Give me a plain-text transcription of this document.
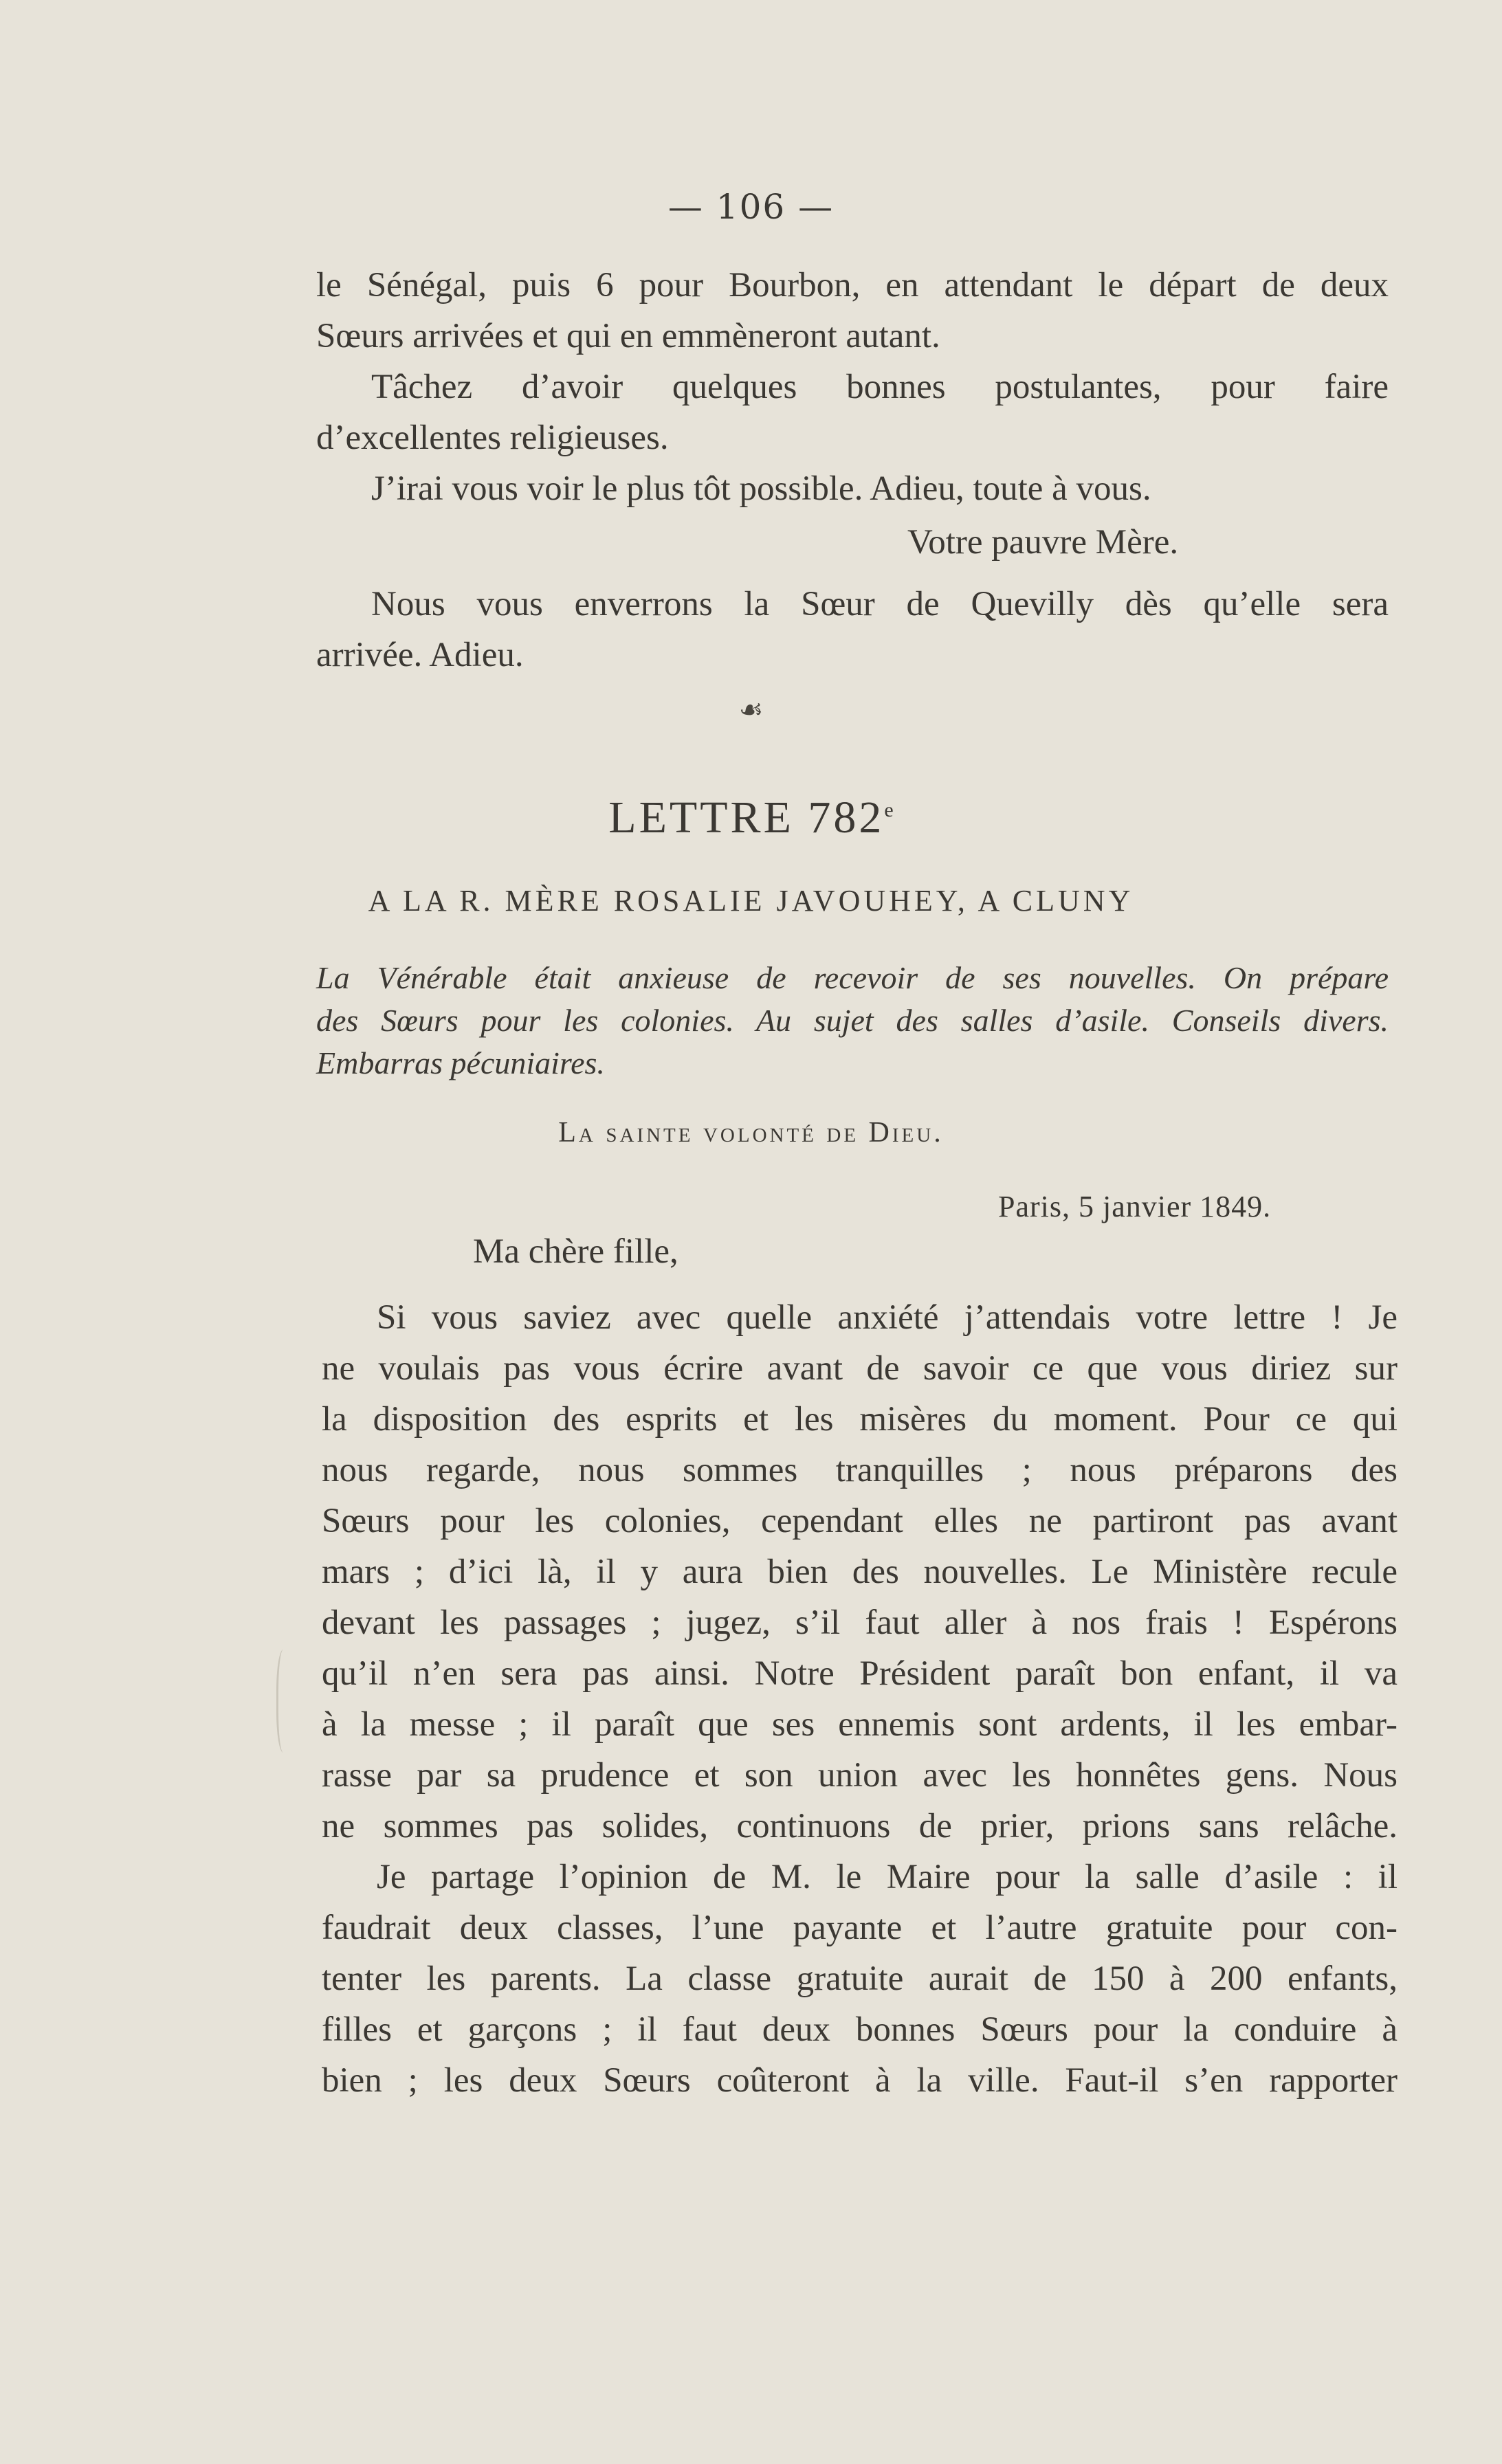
— 106 —
le Sénégal, puis 6 pour Bourbon, en attendant le départ de deux
Sœurs arrivées et qui en emmèneront autant.
Tâchez d’avoir quelques bonnes postulantes, pour faire
d’excellentes religieuses.
J’irai vous voir le plus tôt possible. Adieu, toute à vous.
Votre pauvre Mère.
Nous vous enverrons la Sœur de Quevilly dès qu’elle sera
arrivée. Adieu.
☙
LETTRE 782e
A LA R. MÈRE ROSALIE JAVOUHEY, A CLUNY
La Vénérable était anxieuse de recevoir de ses nouvelles. On prépare
des Sœurs pour les colonies. Au sujet des salles d’asile. Conseils divers.
Embarras pécuniaires.
La sainte volonté de Dieu.
Paris, 5 janvier 1849.
Ma chère fille,
Si vous saviez avec quelle anxiété j’attendais votre lettre ! Je
ne voulais pas vous écrire avant de savoir ce que vous diriez sur
la disposition des esprits et les misères du moment. Pour ce qui
nous regarde, nous sommes tranquilles ; nous préparons des
Sœurs pour les colonies, cependant elles ne partiront pas avant
mars ; d’ici là, il y aura bien des nouvelles. Le Ministère recule
devant les passages ; jugez, s’il faut aller à nos frais ! Espérons
qu’il n’en sera pas ainsi. Notre Président paraît bon enfant, il va
à la messe ; il paraît que ses ennemis sont ardents, il les embar-
rasse par sa prudence et son union avec les honnêtes gens. Nous
ne sommes pas solides, continuons de prier, prions sans relâche.
Je partage l’opinion de M. le Maire pour la salle d’asile : il
faudrait deux classes, l’une payante et l’autre gratuite pour con-
tenter les parents. La classe gratuite aurait de 150 à 200 enfants,
filles et garçons ; il faut deux bonnes Sœurs pour la conduire à
bien ; les deux Sœurs coûteront à la ville. Faut-il s’en rapporter
